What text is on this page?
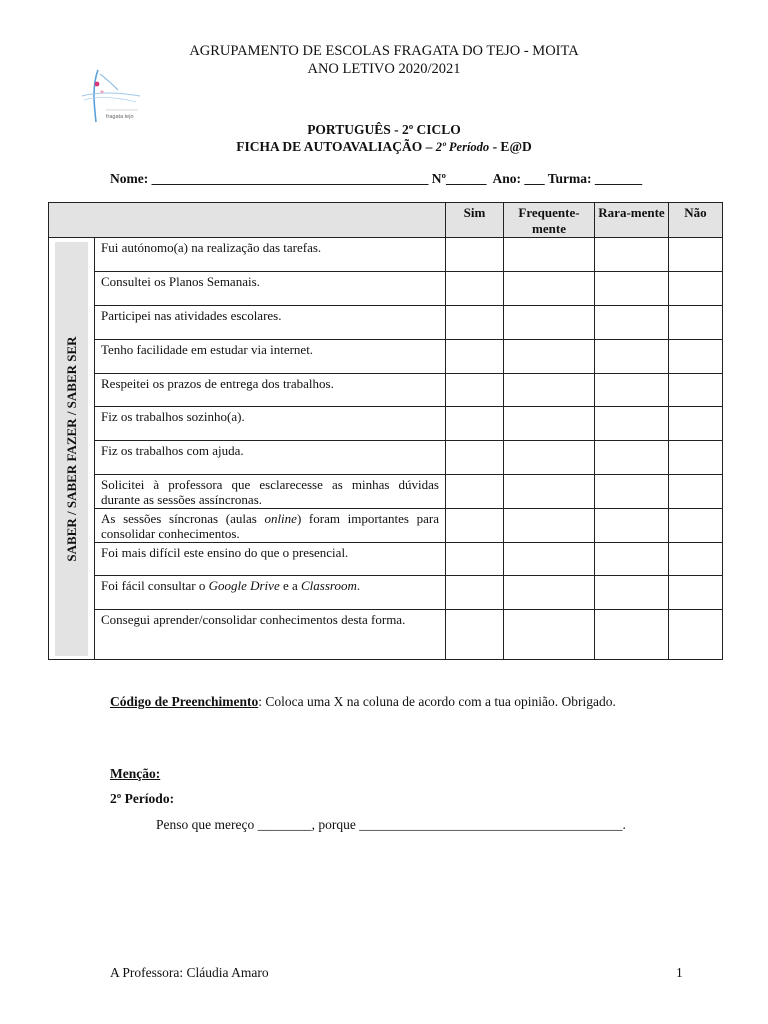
AGRUPAMENTO DE ESCOLAS FRAGATA DO TEJO - MOITA
ANO LETIVO 2020/2021
fragata tejo
PORTUGUÊS - 2º CICLO
FICHA DE AUTOAVALIAÇÃO – 2º Período - E@D
Nome: _________________________________________ Nº______  Ano: ___ Turma: _______
		Sim	Frequente-mente	Rara-mente	Não

SABER / SABER FAZER / SABER SER	Fui autónomo(a) na realização das tarefas.				
	Consultei os Planos Semanais.				
	Participei nas atividades escolares.				
	Tenho facilidade em estudar via internet.				
	Respeitei os prazos de entrega dos trabalhos.				
	Fiz os trabalhos sozinho(a).				
	Fiz os trabalhos com ajuda.				
	Solicitei à professora que esclarecesse as minhas dúvidas durante as sessões assíncronas.				
	As sessões síncronas (aulas online) foram importantes para consolidar conhecimentos.				
	Foi mais difícil este ensino do que o presencial.				
	Foi fácil consultar o Google Drive e a Classroom.				
	Consegui aprender/consolidar conhecimentos desta forma.				
Código de Preenchimento: Coloca uma X na coluna de acordo com a tua opinião. Obrigado.
Menção:
2º Período:
Penso que mereço ________, porque _______________________________________.
A Professora: Cláudia Amaro	1
